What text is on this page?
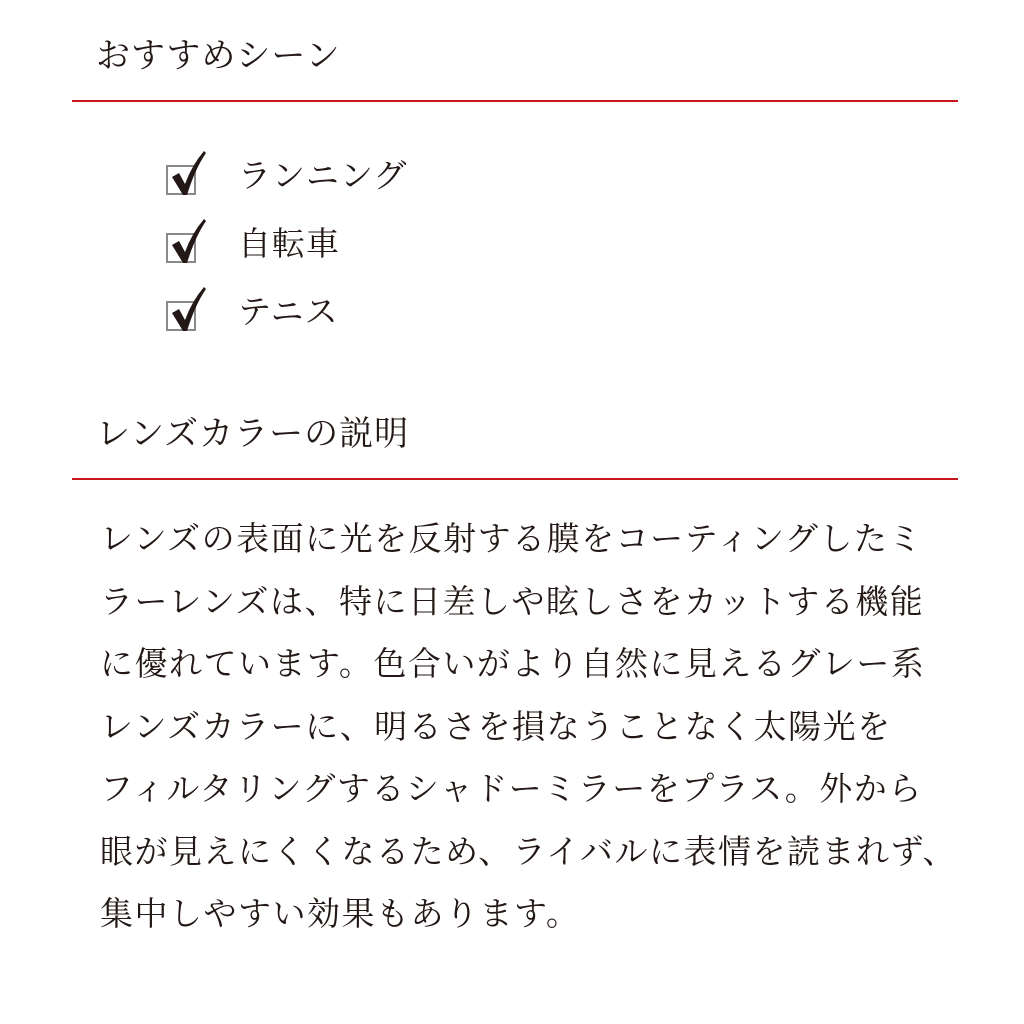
おすすめシーン
ランニング
自転車
テニス
レンズカラーの説明

レンズの表面に光を反射する膜をコーティングしたミ
ラーレンズは、特に日差しや眩しさをカットする機能
に優れています。色合いがより自然に見えるグレー系
レンズカラーに、明るさを損なうことなく太陽光を
フィルタリングするシャドーミラーをプラス。外から
眼が見えにくくなるため、ライバルに表情を読まれず、
集中しやすい効果もあります。
